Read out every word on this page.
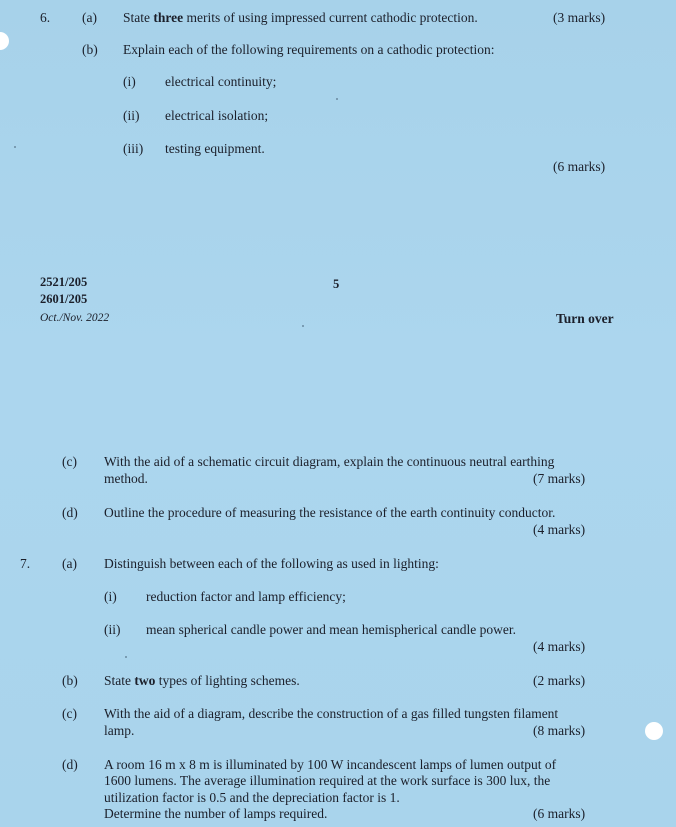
6. (a) State three merits of using impressed current cathodic protection.	(3 marks)
(b) Explain each of the following requirements on a cathodic protection:
(i) electrical continuity;
(ii) electrical isolation;
(iii) testing equipment.
(6 marks)
2521/205
2601/205
Oct./Nov. 2022
5
Turn over
(c) With the aid of a schematic circuit diagram, explain the continuous neutral earthing
method.	(7 marks)
(d) Outline the procedure of measuring the resistance of the earth continuity conductor.
(4 marks)
7. (a) Distinguish between each of the following as used in lighting:
(i) reduction factor and lamp efficiency;
(ii) mean spherical candle power and mean hemispherical candle power.
(4 marks)
(b) State two types of lighting schemes.	(2 marks)
(c) With the aid of a diagram, describe the construction of a gas filled tungsten filament
lamp.	(8 marks)
(d) A room 16 m x 8 m is illuminated by 100 W incandescent lamps of lumen output of
1600 lumens. The average illumination required at the work surface is 300 lux, the
utilization factor is 0.5 and the depreciation factor is 1.
Determine the number of lamps required.	(6 marks)
